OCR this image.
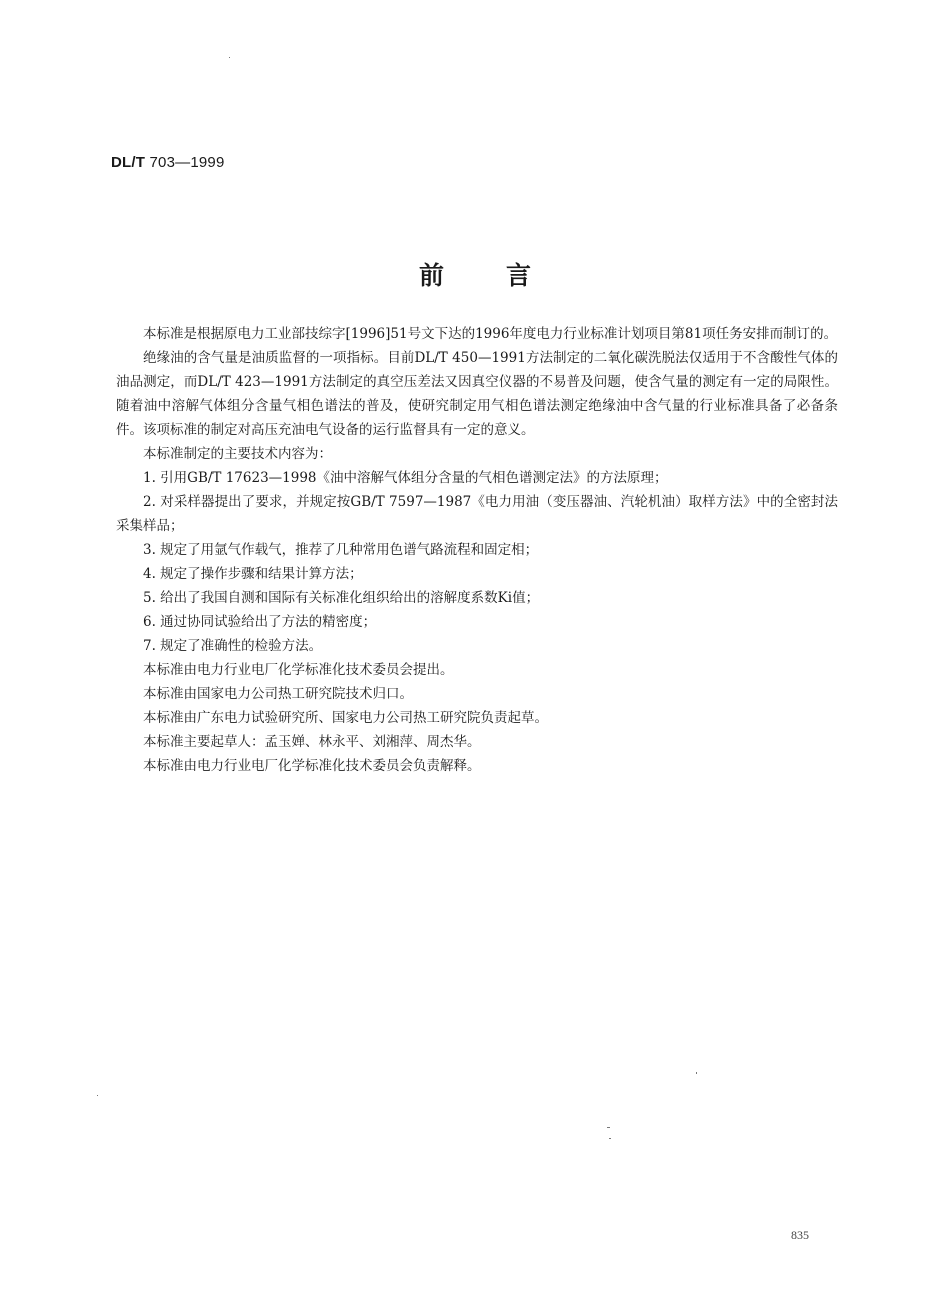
DL/T 703—1999
前 言

本标准是根据原电力工业部技综字[1996]51号文下达的1996年度电力行业标准计划项目第81项任务安排而制订的。

绝缘油的含气量是油质监督的一项指标。目前DL/T 450—1991方法制定的二氧化碳洗脱法仅适用于不含酸性气体的油品测定，而DL/T 423—1991方法制定的真空压差法又因真空仪器的不易普及问题，使含气量的测定有一定的局限性。随着油中溶解气体组分含量气相色谱法的普及，使研究制定用气相色谱法测定绝缘油中含气量的行业标准具备了必备条件。该项标准的制定对高压充油电气设备的运行监督具有一定的意义。

本标准制定的主要技术内容为：

1. 引用GB/T 17623—1998《油中溶解气体组分含量的气相色谱测定法》的方法原理；

2. 对采样器提出了要求，并规定按GB/T 7597—1987《电力用油（变压器油、汽轮机油）取样方法》中的全密封法采集样品；

3. 规定了用氩气作载气，推荐了几种常用色谱气路流程和固定相；

4. 规定了操作步骤和结果计算方法；

5. 给出了我国自测和国际有关标准化组织给出的溶解度系数Ki值；

6. 通过协同试验给出了方法的精密度；

7. 规定了准确性的检验方法。

本标准由电力行业电厂化学标准化技术委员会提出。

本标准由国家电力公司热工研究院技术归口。

本标准由广东电力试验研究所、国家电力公司热工研究院负责起草。

本标准主要起草人：孟玉婵、林永平、刘湘萍、周杰华。

本标准由电力行业电厂化学标准化技术委员会负责解释。

835
